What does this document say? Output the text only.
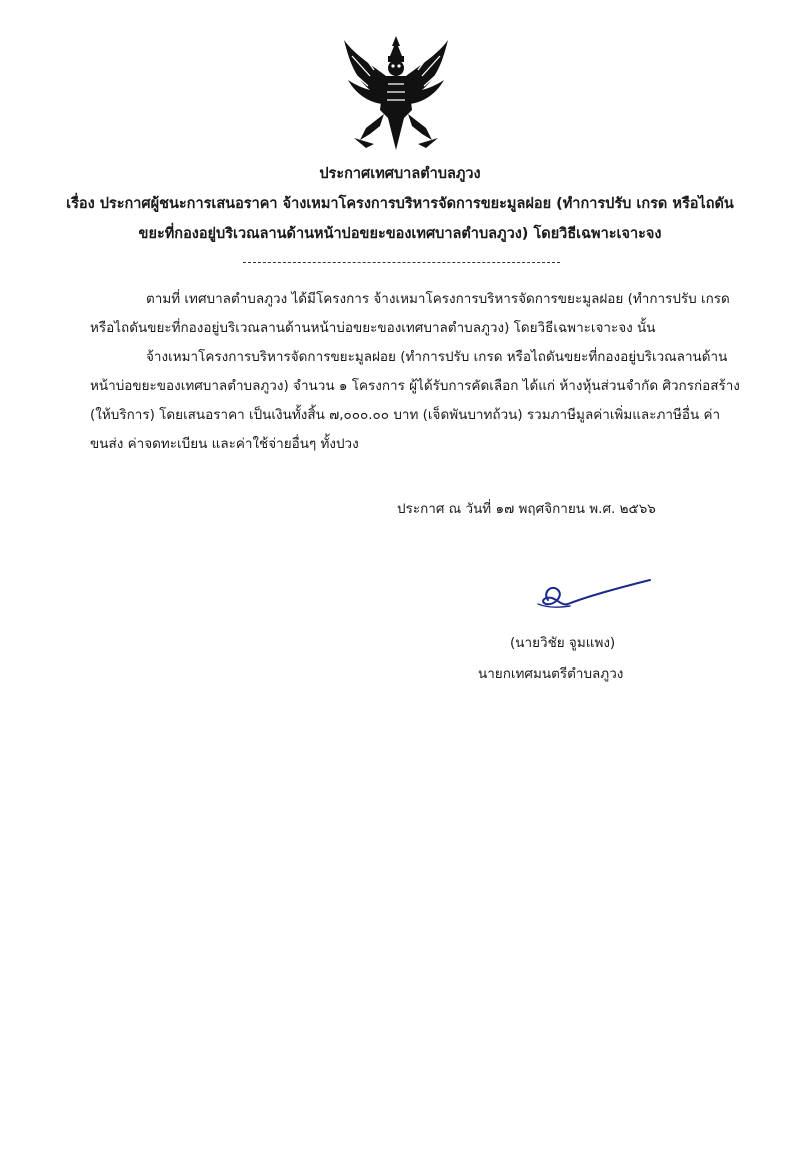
ประกาศเทศบาลตำบลภูวง
เรื่อง ประกาศผู้ชนะการเสนอราคา จ้างเหมาโครงการบริหารจัดการขยะมูลฝอย (ทำการปรับ เกรด หรือไถดัน
ขยะที่กองอยู่บริเวณลานด้านหน้าบ่อขยะของเทศบาลตำบลภูวง) โดยวิธีเฉพาะเจาะจง
ตามที่ เทศบาลตำบลภูวง ได้มีโครงการ จ้างเหมาโครงการบริหารจัดการขยะมูลฝอย (ทำการปรับ เกรด
หรือไถดันขยะที่กองอยู่บริเวณลานด้านหน้าบ่อขยะของเทศบาลตำบลภูวง) โดยวิธีเฉพาะเจาะจง นั้น
จ้างเหมาโครงการบริหารจัดการขยะมูลฝอย (ทำการปรับ เกรด หรือไถดันขยะที่กองอยู่บริเวณลานด้าน
หน้าบ่อขยะของเทศบาลตำบลภูวง) จำนวน ๑ โครงการ ผู้ได้รับการคัดเลือก ได้แก่ ห้างหุ้นส่วนจำกัด ศิวกรก่อสร้าง
(ให้บริการ) โดยเสนอราคา เป็นเงินทั้งสิ้น ๗,๐๐๐.๐๐ บาท (เจ็ดพันบาทถ้วน) รวมภาษีมูลค่าเพิ่มและภาษีอื่น ค่า
ขนส่ง ค่าจดทะเบียน และค่าใช้จ่ายอื่นๆ ทั้งปวง
ประกาศ ณ วันที่ ๑๗ พฤศจิกายน พ.ศ. ๒๕๖๖
(นายวิชัย จูมแพง)
นายกเทศมนตรีตำบลภูวง
